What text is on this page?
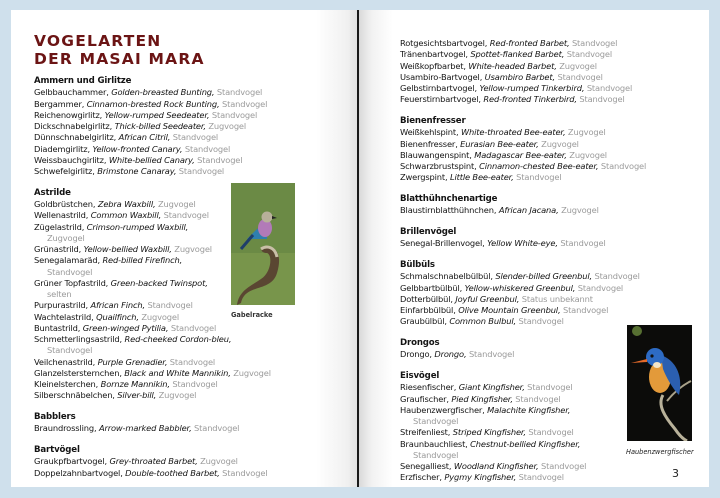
VOGELARTEN
DER MASAI MARA
Ammern und Girlitze
Gelbbauchammer, Golden-breasted Bunting, Standvogel
Bergammer, Cinnamon-brested Rock Bunting, Standvogel
Reichenowgirlitz, Yellow-rumped Seedeater, Standvogel
Dickschnabelgirlitz, Thick-billed Seedeater, Zugvogel
Dünnschnabelgirlitz, African Citril, Standvogel
Diademgirlitz, Yellow-fronted Canary, Standvogel
Weissbauchgirlitz, White-bellied Canary, Standvogel
Schwefelgirlitz, Brimstone Canaray, Standvogel
Astrilde
Goldbrüstchen, Zebra Waxbill, Zugvogel
Wellenastrild, Common Waxbill, Standvogel
Zügelastrild, Crimson-rumped Waxbill,
Zugvogel
Grünastrild, Yellow-bellied Waxbill, Zugvogel
Senegalamaräd, Red-billed Firefinch,
Standvogel
Grüner Topfastrild, Green-backed Twinspot,
selten
Purpurastrild, African Finch, Standvogel
Wachtelastrild, Quailfinch, Zugvogel
Buntastrild, Green-winged Pytilia, Standvogel
Schmetterlingsastrild, Red-cheeked Cordon-bleu,
Standvogel
Veilchenastrild, Purple Grenadier, Standvogel
Glanzelstersternchen, Black and White Mannikin, Zugvogel
Kleinelsterchen, Bornze Mannikin, Standvogel
Silberschnäbelchen, Silver-bill, Zugvogel
Babblers
Braundrossling, Arrow-marked Babbler, Standvogel
Bartvögel
Graukpfbartvogel, Grey-throated Barbet, Zugvogel
Doppelzahnbartvogel, Double-toothed Barbet, Standvogel
Rotgesichtsbartvogel, Red-fronted Barbet, Standvogel
Tränenbartvogel, Spottet-flanked Barbet, Standvogel
Weißkopfbarbet, White-headed Barbet, Zugvogel
Usambiro-Bartvogel, Usambiro Barbet, Standvogel
Gelbstirnbartvogel, Yellow-rumped Tinkerbird, Standvogel
Feuerstirnbartvogel, Red-fronted Tinkerbird, Standvogel
Bienenfresser
Weißkehlspint, White-throated Bee-eater, Zugvogel
Bienenfresser, Eurasian Bee-eater, Zugvogel
Blauwangenspint, Madagascar Bee-eater, Zugvogel
Schwarzbrustspint, Cinnamon-chested Bee-eater, Standvogel
Zwergspint, Little Bee-eater, Standvogel
Blatthühnchenartige
Blaustirnblatthühnchen, African Jacana, Zugvogel
Brillenvögel
Senegal-Brillenvogel, Yellow White-eye, Standvogel
Bülbüls
Schmalschnabelbülbül, Slender-billed Greenbul, Standvogel
Gelbbartbülbül, Yellow-whiskered Greenbul, Standvogel
Dotterbülbül, Joyful Greenbul, Status unbekannt
Einfarbbülbül, Olive Mountain Greenbul, Standvogel
Graubülbül, Common Bulbul, Standvogel
Drongos
Drongo, Drongo, Standvogel
Eisvögel
Riesenfischer, Giant Kingfisher, Standvogel
Graufischer, Pied Kingfisher, Standvogel
Haubenzwergfischer, Malachite Kingfisher,
Standvogel
Streifenliest, Striped Kingfisher, Standvogel
Braunbauchliest, Chestnut-bellied Kingfisher,
Standvogel
Senegalliest, Woodland Kingfisher, Standvogel
Erzfischer, Pygmy Kingfisher, Standvogel
Gabelracke
Haubenzwergfischer
3
